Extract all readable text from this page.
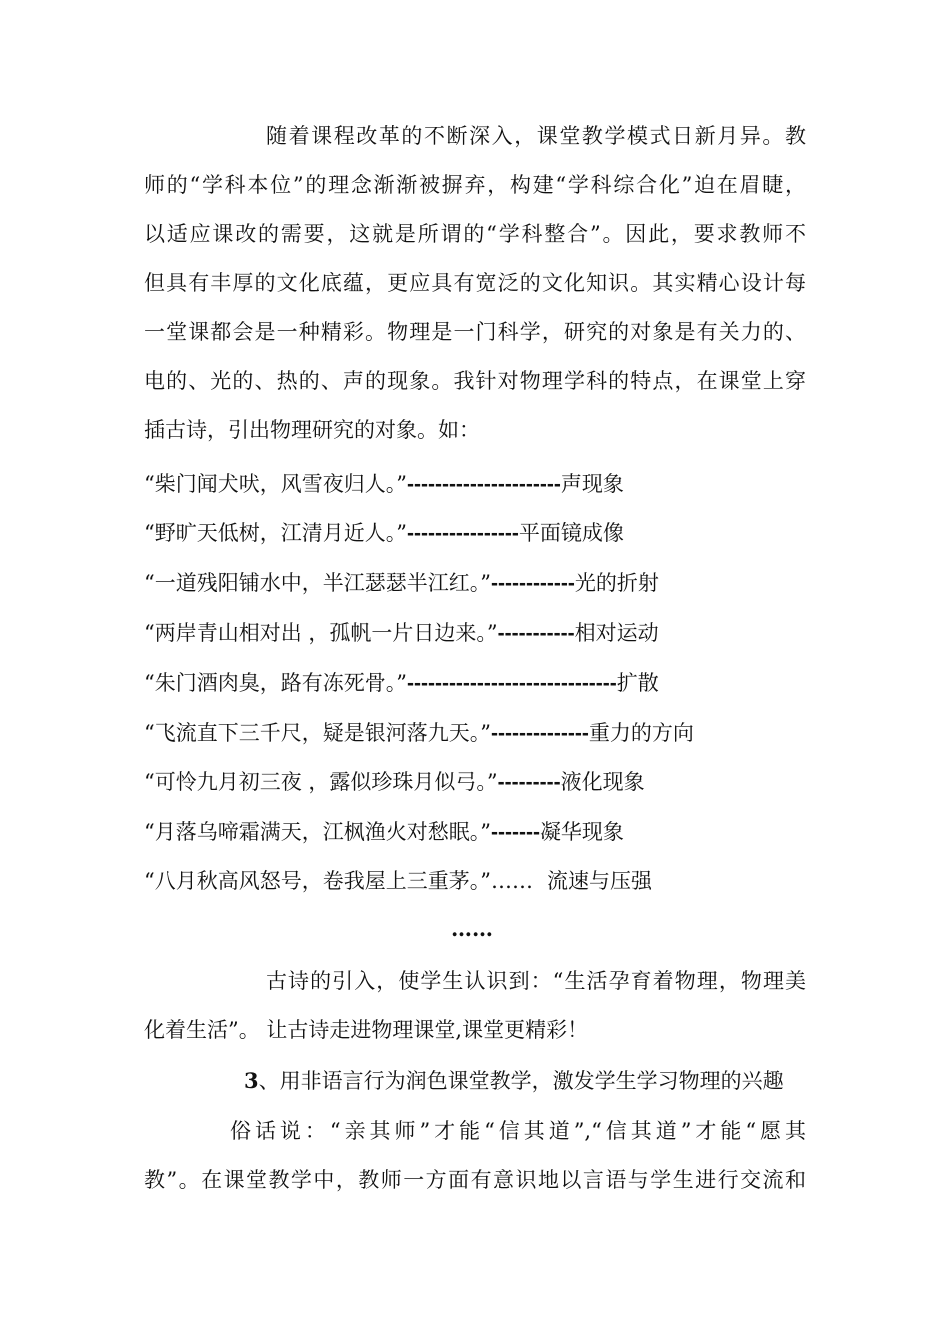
随着课程改革的不断深入，课堂教学模式日新月异。教
师的“学科本位”的理念渐渐被摒弃，构建“学科综合化”迫在眉睫，
以适应课改的需要，这就是所谓的“学科整合”。因此，要求教师不
但具有丰厚的文化底蕴，更应具有宽泛的文化知识。其实精心设计每
一堂课都会是一种精彩。物理是一门科学，研究的对象是有关力的、
电的、光的、热的、声的现象。我针对物理学科的特点，在课堂上穿
插古诗，引出物理研究的对象。如：
“柴门闻犬吠，风雪夜归人。”----------------------声现象
“野旷天低树，江清月近人。”----------------平面镜成像
“一道残阳铺水中，半江瑟瑟半江红。”------------光的折射
“两岸青山相对出 ，孤帆一片日边来。”-----------相对运动
“朱门酒肉臭，路有冻死骨。”------------------------------扩散
“飞流直下三千尺，疑是银河落九天。”--------------重力的方向
“可怜九月初三夜 ，露似珍珠月似弓。”---------液化现象
“月落乌啼霜满天，江枫渔火对愁眠。”-------凝华现象
“八月秋高风怒号，卷我屋上三重茅。”…… 流速与压强
……
古诗的引入，使学生认识到：“生活孕育着物理，物理美
化着生活”。 让古诗走进物理课堂,课堂更精彩！
3、用非语言行为润色课堂教学，激发学生学习物理的兴趣
俗话说：“亲其师”才能“信其道”,“信其道”才能“愿其
教”。在课堂教学中，教师一方面有意识地以言语与学生进行交流和
